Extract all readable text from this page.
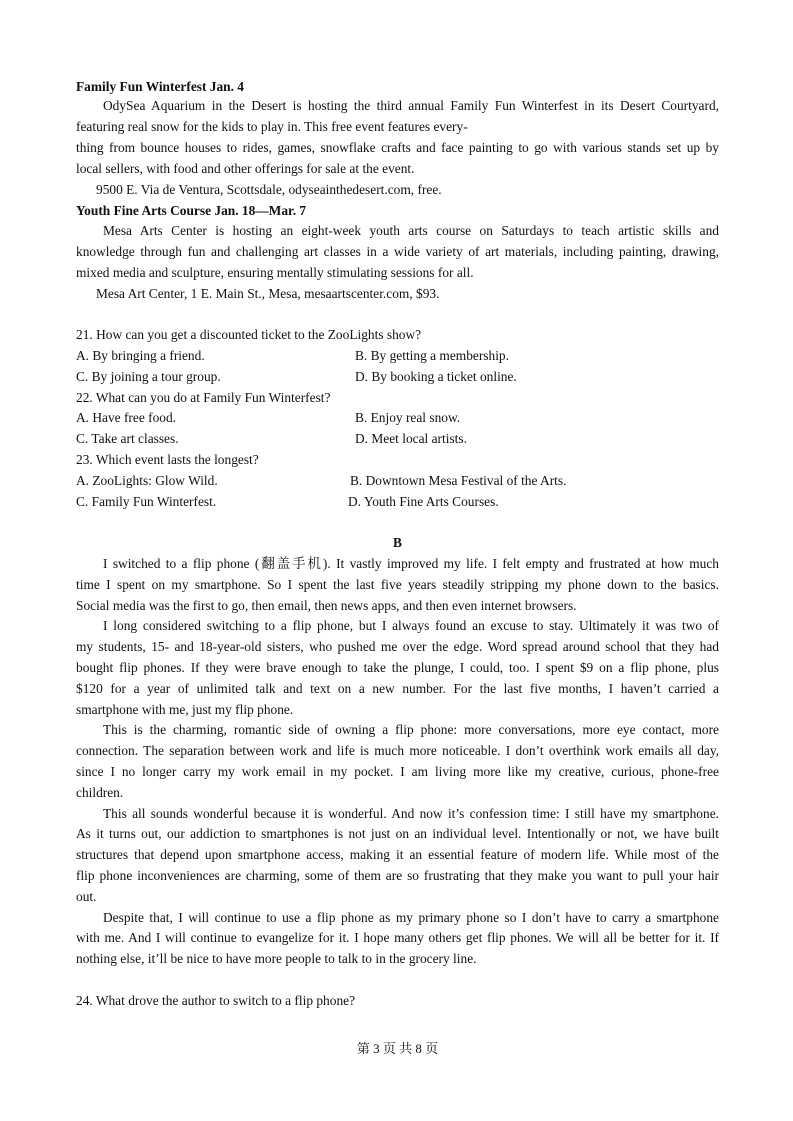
Family Fun Winterfest Jan. 4
OdySea Aquarium in the Desert is hosting the third annual Family Fun Winterfest in its Desert Courtyard,
featuring real snow for the kids to play in. This free event features every-
thing from bounce houses to rides, games, snowflake crafts and face painting to go with various stands set up by
local sellers, with food and other offerings for sale at the event.
9500 E. Via de Ventura, Scottsdale, odyseainthedesert.com, free.
Youth Fine Arts Course Jan. 18—Mar. 7
Mesa Arts Center is hosting an eight-week youth arts course on Saturdays to teach artistic skills and
knowledge through fun and challenging art classes in a wide variety of art materials, including painting, drawing,
mixed media and sculpture, ensuring mentally stimulating sessions for all.
Mesa Art Center, 1 E. Main St., Mesa, mesaartscenter.com, $93.
21. How can you get a discounted ticket to the ZooLights show?
A. By bringing a friend.	B. By getting a membership.
C. By joining a tour group.	D. By booking a ticket online.
22. What can you do at Family Fun Winterfest?
A. Have free food.	B. Enjoy real snow.
C. Take art classes.	D. Meet local artists.
23. Which event lasts the longest?
A. ZooLights: Glow Wild.	B. Downtown Mesa Festival of the Arts.
C. Family Fun Winterfest.	D. Youth Fine Arts Courses.
B
I switched to a flip phone (翻盖手机). It vastly improved my life. I felt empty and frustrated at how much
time I spent on my smartphone. So I spent the last five years steadily stripping my phone down to the basics.
Social media was the first to go, then email, then news apps, and then even internet browsers.
I long considered switching to a flip phone, but I always found an excuse to stay. Ultimately it was two of
my students, 15- and 18-year-old sisters, who pushed me over the edge. Word spread around school that they had
bought flip phones. If they were brave enough to take the plunge, I could, too. I spent $9 on a flip phone, plus
$120 for a year of unlimited talk and text on a new number. For the last five months, I haven’t carried a
smartphone with me, just my flip phone.
This is the charming, romantic side of owning a flip phone: more conversations, more eye contact, more
connection. The separation between work and life is much more noticeable. I don’t overthink work emails all day,
since I no longer carry my work email in my pocket. I am living more like my creative, curious, phone-free
children.
This all sounds wonderful because it is wonderful. And now it’s confession time: I still have my smartphone.
As it turns out, our addiction to smartphones is not just on an individual level. Intentionally or not, we have built
structures that depend upon smartphone access, making it an essential feature of modern life. While most of the
flip phone inconveniences are charming, some of them are so frustrating that they make you want to pull your hair
out.
Despite that, I will continue to use a flip phone as my primary phone so I don’t have to carry a smartphone
with me. And I will continue to evangelize for it. I hope many others get flip phones. We will all be better for it. If
nothing else, it’ll be nice to have more people to talk to in the grocery line.
24. What drove the author to switch to a flip phone?
第 3 页 共 8 页
